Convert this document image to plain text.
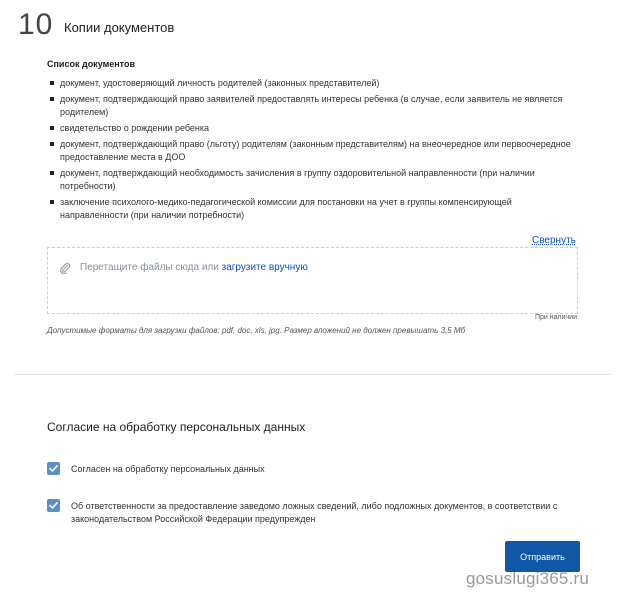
10 Копии документов
Список документов
документ, удостоверяющий личность родителей (законных представителей)
документ, подтверждающий право заявителей предоставлять интересы ребенка (в случае, если заявитель не является родителем)
свидетельство о рождении ребенка
документ, подтверждающий право (льготу) родителям (законным представителям) на внеочередное или первоочередное предоставление места в ДОО
документ, подтверждающий необходимость зачисления в группу оздоровительной направленности (при наличии потребности)
заключение психолого-медико-педагогической комиссии для постановки на учет в группы компенсирующей направленности (при наличии потребности)
Свернуть
Перетащите файлы сюда или загрузите вручную
При наличии
Допустимые форматы для загрузки файлов: pdf, doc, xls, jpg. Размер вложений не должен превышать 3,5 Мб
Согласие на обработку персональных данных
Согласен на обработку персональных данных
Об ответственности за предоставление заведомо ложных сведений, либо подложных документов, в соответствии с законодательством Российской Федерации предупрежден
Отправить
gosuslugi365.ru
